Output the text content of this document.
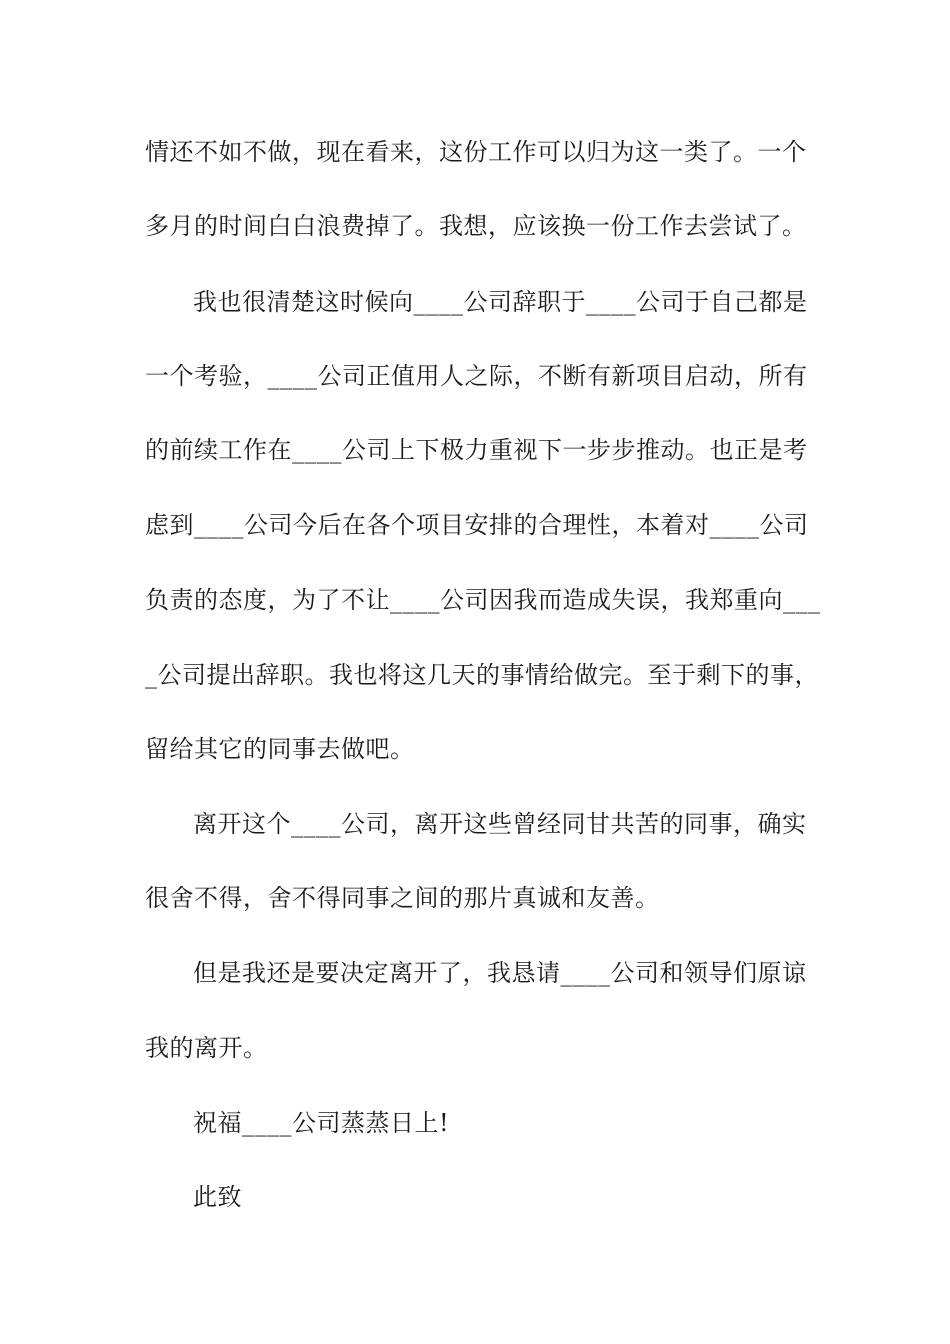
情还不如不做，现在看来，这份工作可以归为这一类了。一个
多月的时间白白浪费掉了。我想，应该换一份工作去尝试了。
我也很清楚这时候向____公司辞职于____公司于自己都是
一个考验，____公司正值用人之际，不断有新项目启动，所有
的前续工作在____公司上下极力重视下一步步推动。也正是考
虑到____公司今后在各个项目安排的合理性，本着对____公司
负责的态度，为了不让____公司因我而造成失误，我郑重向___
_公司提出辞职。我也将这几天的事情给做完。至于剩下的事，
留给其它的同事去做吧。
离开这个____公司，离开这些曾经同甘共苦的同事，确实
很舍不得，舍不得同事之间的那片真诚和友善。
但是我还是要决定离开了，我恳请____公司和领导们原谅
我的离开。
祝福____公司蒸蒸日上!
此致
